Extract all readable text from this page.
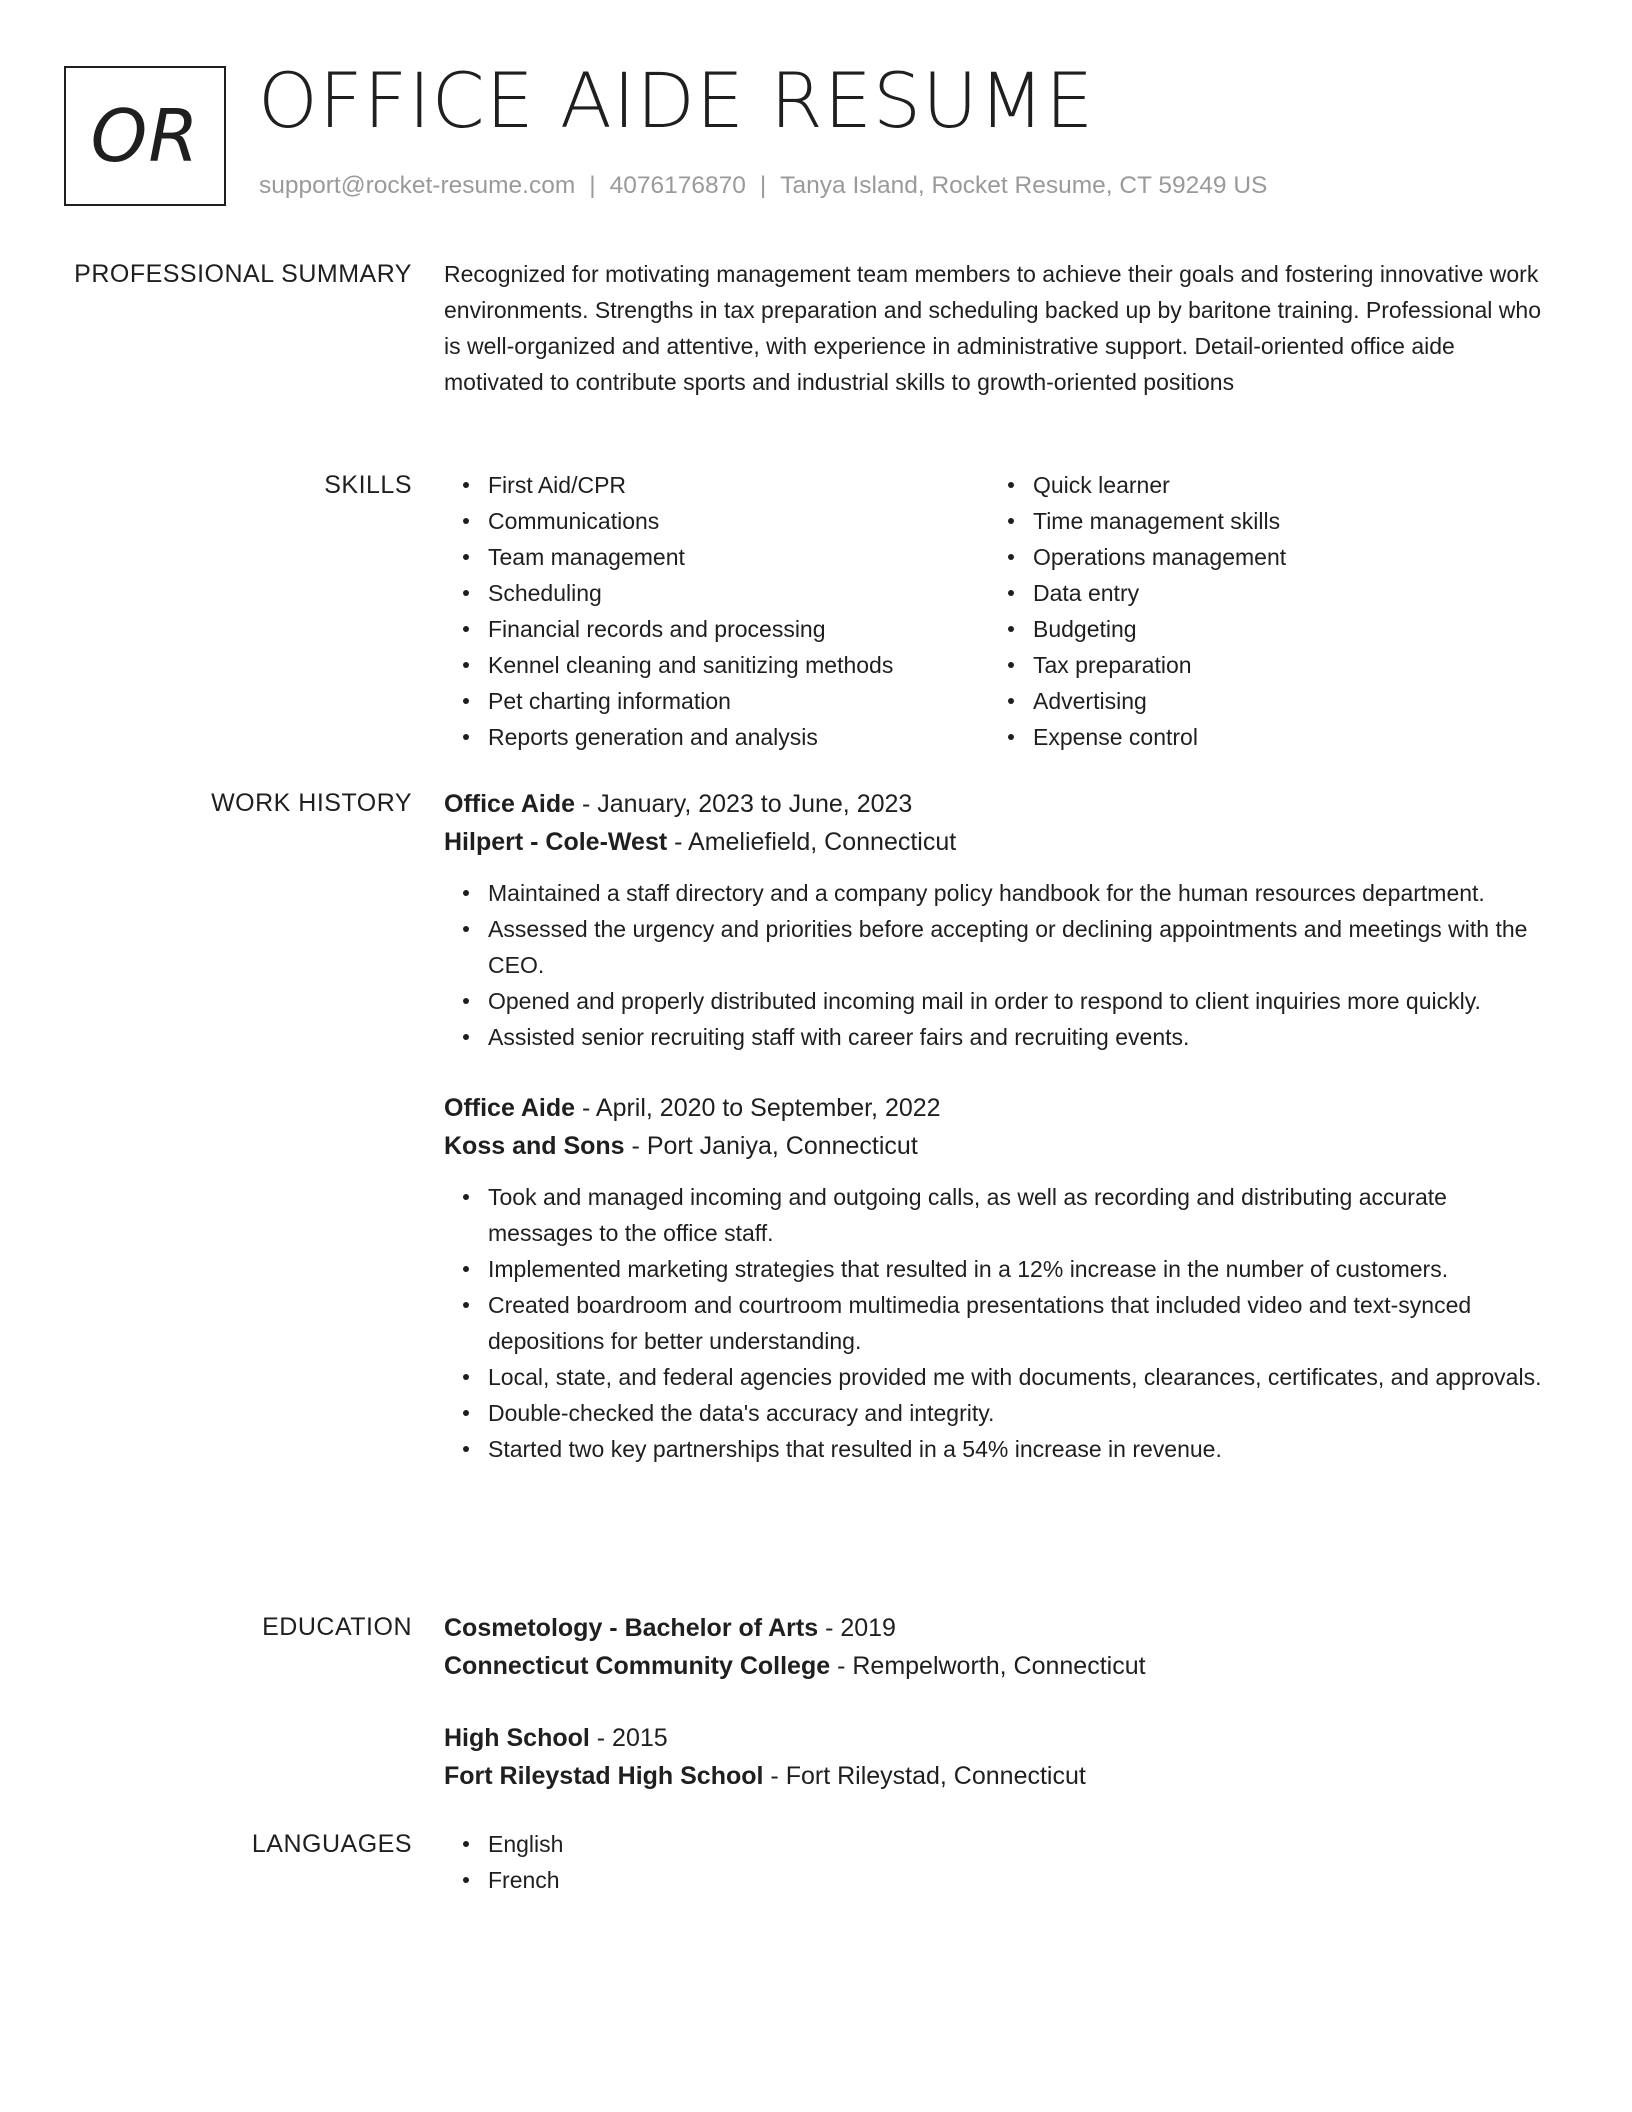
OR OFFICE AIDE RESUME
support@rocket-resume.com | 4076176870 | Tanya Island, Rocket Resume, CT 59249 US
PROFESSIONAL SUMMARY Recognized for motivating management team members to achieve their goals and fostering innovative work environments. Strengths in tax preparation and scheduling backed up by baritone training. Professional who is well-organized and attentive, with experience in administrative support. Detail-oriented office aide motivated to contribute sports and industrial skills to growth-oriented positions

SKILLS	First Aid/CPR
Communications
Team management
Scheduling
Financial records and processing
Kennel cleaning and sanitizing methods
Pet charting information
Reports generation and analysis
Quick learner
Time management skills
Operations management
Data entry
Budgeting
Tax preparation
Advertising
Expense control
WORK HISTORY Office Aide - January, 2023 to June, 2023
Hilpert - Cole-West - Ameliefield, Connecticut
Maintained a staff directory and a company policy handbook for the human resources department.
Assessed the urgency and priorities before accepting or declining appointments and meetings with the CEO.
Opened and properly distributed incoming mail in order to respond to client inquiries more quickly.
Assisted senior recruiting staff with career fairs and recruiting events.
Office Aide - April, 2020 to September, 2022
Koss and Sons - Port Janiya, Connecticut
Took and managed incoming and outgoing calls, as well as recording and distributing accurate messages to the office staff.
Implemented marketing strategies that resulted in a 12% increase in the number of customers.
Created boardroom and courtroom multimedia presentations that included video and text-synced depositions for better understanding.
Local, state, and federal agencies provided me with documents, clearances, certificates, and approvals.
Double-checked the data's accuracy and integrity.
Started two key partnerships that resulted in a 54% increase in revenue.
EDUCATION Cosmetology - Bachelor of Arts - 2019
Connecticut Community College - Rempelworth, Connecticut
High School - 2015
Fort Rileystad High School - Fort Rileystad, Connecticut
LANGUAGES	English
French
